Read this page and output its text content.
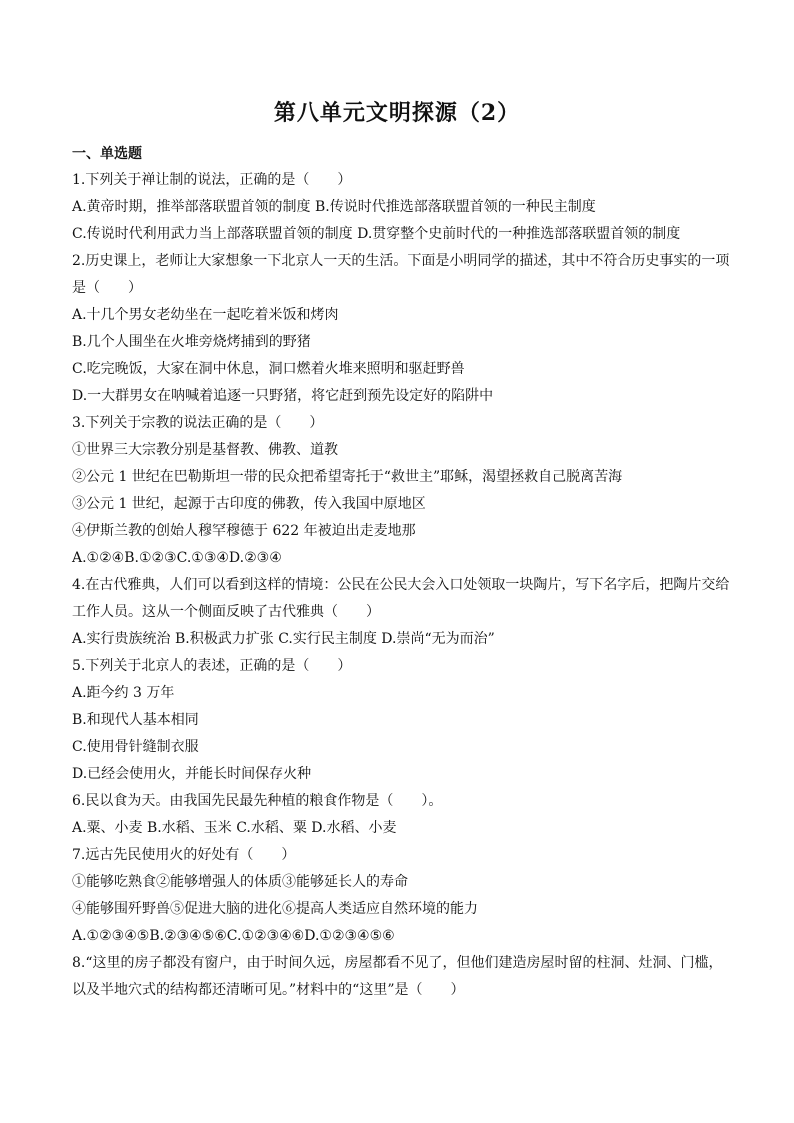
第八单元文明探源（2）
一、单选题
1.下列关于禅让制的说法，正确的是（　　）
A.黄帝时期，推举部落联盟首领的制度 B.传说时代推选部落联盟首领的一种民主制度
C.传说时代利用武力当上部落联盟首领的制度 D.贯穿整个史前时代的一种推选部落联盟首领的制度
2.历史课上，老师让大家想象一下北京人一天的生活。下面是小明同学的描述，其中不符合历史事实的一项
是（　　）
A.十几个男女老幼坐在一起吃着米饭和烤肉
B.几个人围坐在火堆旁烧烤捕到的野猪
C.吃完晚饭，大家在洞中休息，洞口燃着火堆来照明和驱赶野兽
D.一大群男女在呐喊着追逐一只野猪，将它赶到预先设定好的陷阱中
3.下列关于宗教的说法正确的是（　　）
①世界三大宗教分别是基督教、佛教、道教
②公元 1 世纪在巴勒斯坦一带的民众把希望寄托于“救世主”耶稣，渴望拯救自己脱离苦海
③公元 1 世纪，起源于古印度的佛教，传入我国中原地区
④伊斯兰教的创始人穆罕穆德于 622 年被迫出走麦地那
A.①②④B.①②③C.①③④D.②③④
4.在古代雅典，人们可以看到这样的情境：公民在公民大会入口处领取一块陶片，写下名字后，把陶片交给
工作人员。这从一个侧面反映了古代雅典（　　）
A.实行贵族统治 B.积极武力扩张 C.实行民主制度 D.崇尚“无为而治”
5.下列关于北京人的表述，正确的是（　　）
A.距今约 3 万年
B.和现代人基本相同
C.使用骨针缝制衣服
D.已经会使用火，并能长时间保存火种
6.民以食为天。由我国先民最先种植的粮食作物是（　　）。
A.粟、小麦 B.水稻、玉米 C.水稻、粟 D.水稻、小麦
7.远古先民使用火的好处有（　　）
①能够吃熟食②能够增强人的体质③能够延长人的寿命
④能够围歼野兽⑤促进大脑的进化⑥提高人类适应自然环境的能力
A.①②③④⑤B.②③④⑤⑥C.①②③④⑥D.①②③④⑤⑥
8.“这里的房子都没有窗户，由于时间久远，房屋都看不见了，但他们建造房屋时留的柱洞、灶洞、门槛，
以及半地穴式的结构都还清晰可见。”材料中的“这里”是（　　）
